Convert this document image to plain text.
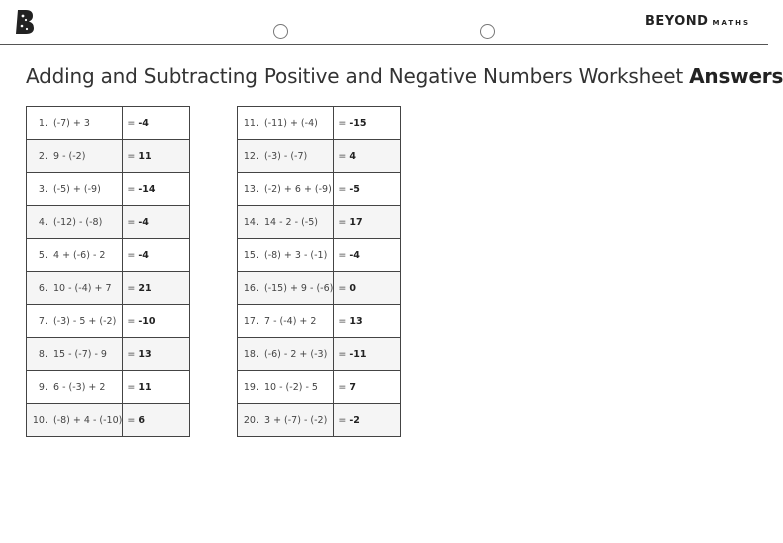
BEYOND MATHS
Adding and Subtracting Positive and Negative Numbers Worksheet Answers
1. (-7) + 3	= -4
2. 9 - (-2)	= 11
3. (-5) + (-9)	= -14
4. (-12) - (-8)	= -4
5. 4 + (-6) - 2	= -4
6. 10 - (-4) + 7	= 21
7. (-3) - 5 + (-2)	= -10
8. 15 - (-7) - 9	= 13
9. 6 - (-3) + 2	= 11
10. (-8) + 4 - (-10)	= 6
11. (-11) + (-4)	= -15
12. (-3) - (-7)	= 4
13. (-2) + 6 + (-9)	= -5
14. 14 - 2 - (-5)	= 17
15. (-8) + 3 - (-1)	= -4
16. (-15) + 9 - (-6)	= 0
17. 7 - (-4) + 2	= 13
18. (-6) - 2 + (-3)	= -11
19. 10 - (-2) - 5	= 7
20. 3 + (-7) - (-2)	= -2
